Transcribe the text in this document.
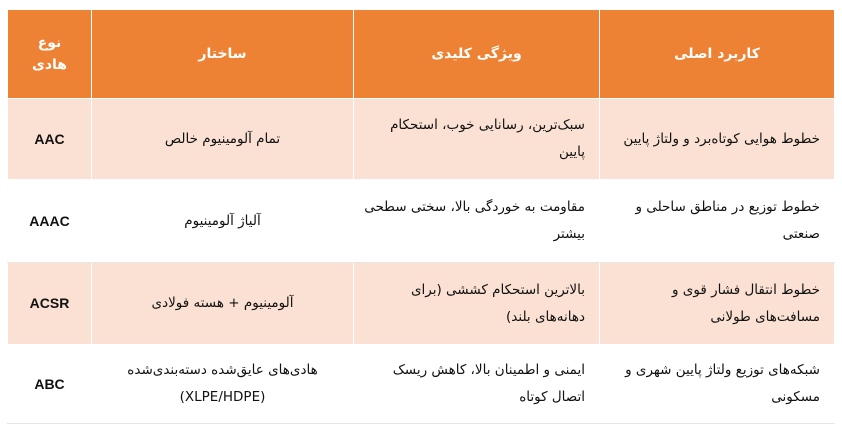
نوع هادی	ساختار	ویژگی کلیدی	کاربرد اصلی
AAC	تمام آلومینیوم خالص	سبک‌ترین، رسانایی خوب، استحکام پایین	خطوط هوایی کوتاه‌برد و ولتاژ پایین
AAAC	آلیاژ آلومینیوم	مقاومت به خوردگی بالا، سختی سطحی بیشتر	خطوط توزیع در مناطق ساحلی و صنعتی
ACSR	آلومینیوم + هسته فولادی	بالاترین استحکام کششی (برای دهانه‌های بلند)	خطوط انتقال فشار قوی و مسافت‌های طولانی
ABC	هادی‌های عایق‌شده دسته‌بندی‌شده (XLPE/HDPE)	ایمنی و اطمینان بالا، کاهش ریسک اتصال کوتاه	شبکه‌های توزیع ولتاژ پایین شهری و مسکونی
